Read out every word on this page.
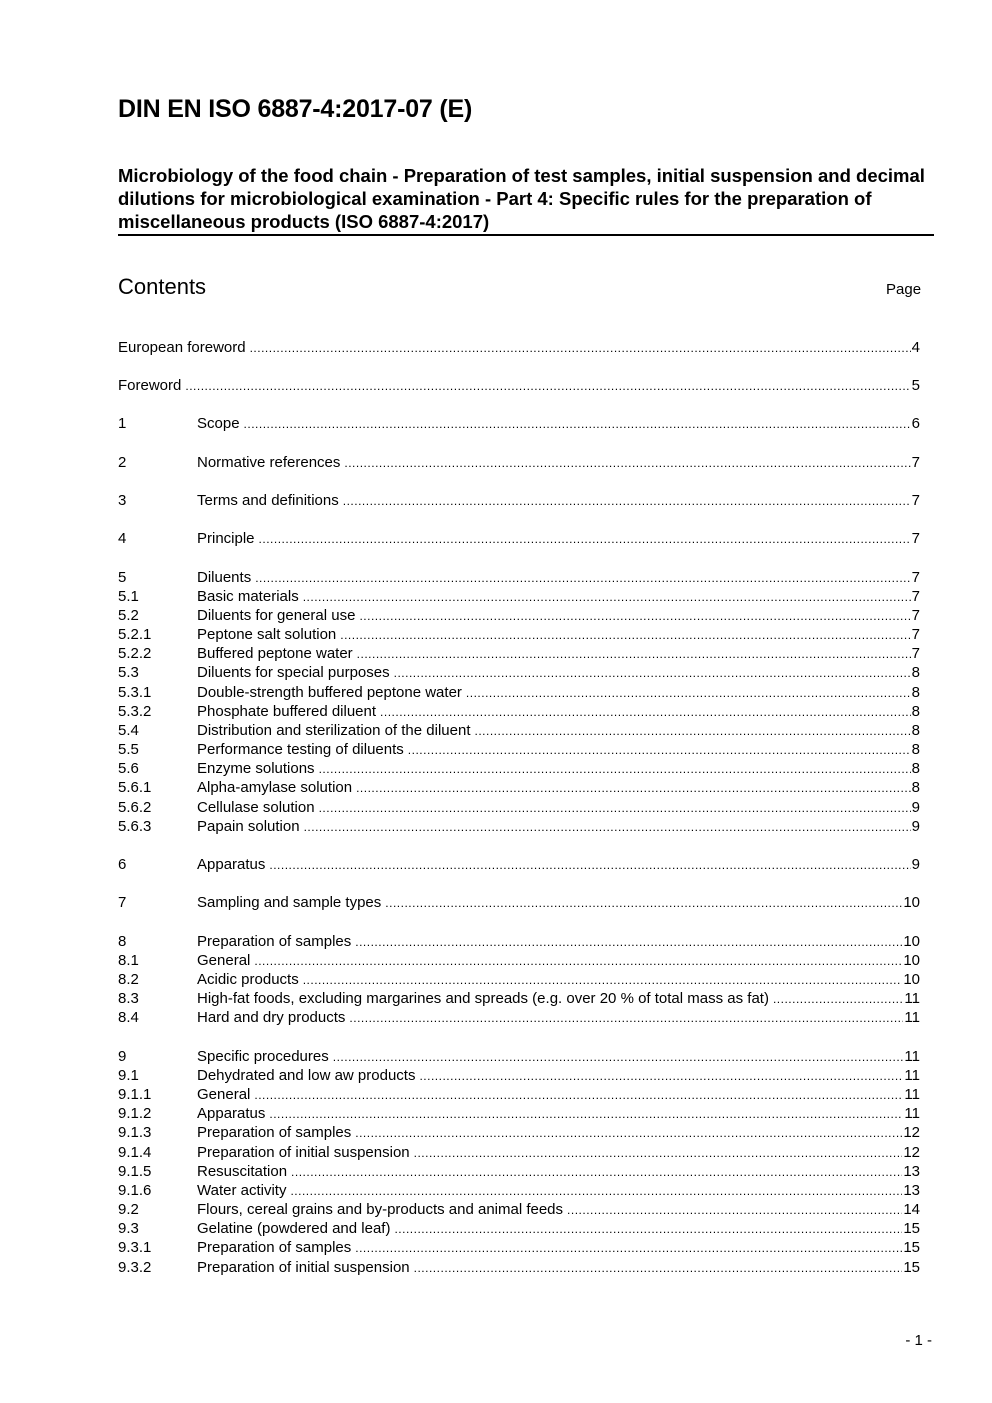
DIN EN ISO 6887-4:2017-07 (E)
Microbiology of the food chain - Preparation of test samples, initial suspension and decimal dilutions for microbiological examination - Part 4: Specific rules for the preparation of miscellaneous products (ISO 6887-4:2017)
Contents	Page
European foreword .....	4
Foreword .....	5
1	Scope .....	6
2	Normative references .....	7
3	Terms and definitions .....	7
4	Principle .....	7
5	Diluents .....	7
5.1	Basic materials .....	7
5.2	Diluents for general use .....	7
5.2.1	Peptone salt solution .....	7
5.2.2	Buffered peptone water .....	7
5.3	Diluents for special purposes .....	8
5.3.1	Double-strength buffered peptone water .....	8
5.3.2	Phosphate buffered diluent .....	8
5.4	Distribution and sterilization of the diluent .....	8
5.5	Performance testing of diluents .....	8
5.6	Enzyme solutions .....	8
5.6.1	Alpha-amylase solution .....	8
5.6.2	Cellulase solution .....	9
5.6.3	Papain solution .....	9
6	Apparatus .....	9
7	Sampling and sample types .....	10
8	Preparation of samples .....	10
8.1	General .....	10
8.2	Acidic products .....	10
8.3	High-fat foods, excluding margarines and spreads (e.g. over 20 % of total mass as fat) .....	11
8.4	Hard and dry products .....	11
9	Specific procedures .....	11
9.1	Dehydrated and low aw products .....	11
9.1.1	General .....	11
9.1.2	Apparatus .....	11
9.1.3	Preparation of samples .....	12
9.1.4	Preparation of initial suspension .....	12
9.1.5	Resuscitation .....	13
9.1.6	Water activity .....	13
9.2	Flours, cereal grains and by-products and animal feeds .....	14
9.3	Gelatine (powdered and leaf) .....	15
9.3.1	Preparation of samples .....	15
9.3.2	Preparation of initial suspension .....	15
- 1 -
